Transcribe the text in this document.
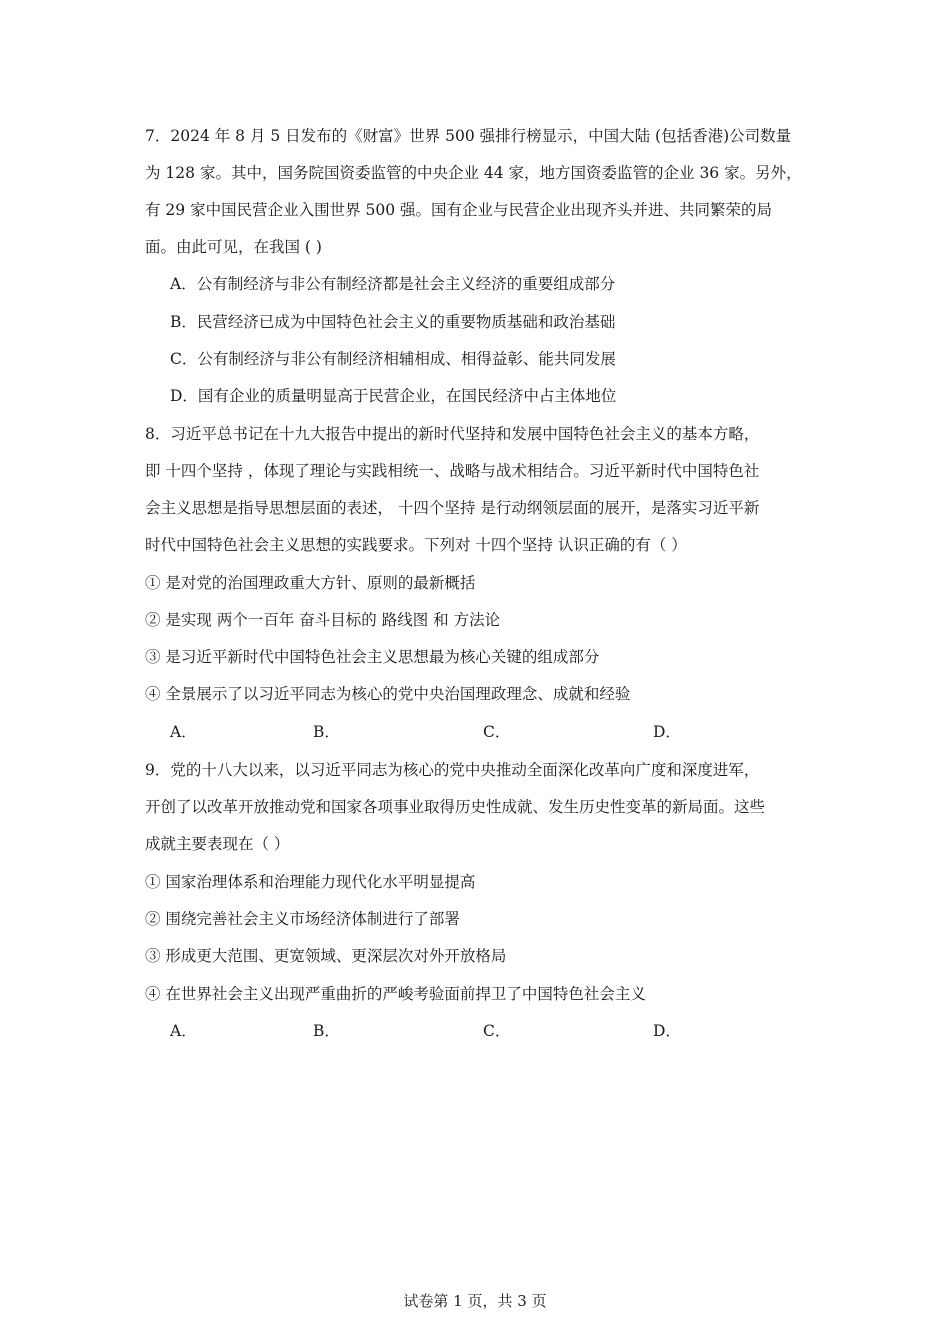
7．2024 年 8 月 5 日发布的《财富》世界 500 强排行榜显示，中国大陆 (包括香港)公司数量
为 128 家。其中，国务院国资委监管的中央企业 44 家，地方国资委监管的企业 36 家。另外，
有 29 家中国民营企业入围世界 500 强。国有企业与民营企业出现齐头并进、共同繁荣的局
面。由此可见，在我国 ( )
A．公有制经济与非公有制经济都是社会主义经济的重要组成部分
B．民营经济已成为中国特色社会主义的重要物质基础和政治基础
C．公有制经济与非公有制经济相辅相成、相得益彰、能共同发展
D．国有企业的质量明显高于民营企业，在国民经济中占主体地位
8．习近平总书记在十九大报告中提出的新时代坚持和发展中国特色社会主义的基本方略，
即 十四个坚持 ，体现了理论与实践相统一、战略与战术相结合。习近平新时代中国特色社
会主义思想是指导思想层面的表述， 十四个坚持 是行动纲领层面的展开，是落实习近平新
时代中国特色社会主义思想的实践要求。下列对 十四个坚持 认识正确的有（ ）
① 是对党的治国理政重大方针、原则的最新概括
② 是实现 两个一百年 奋斗目标的 路线图 和 方法论
③ 是习近平新时代中国特色社会主义思想最为核心关键的组成部分
④ 全景展示了以习近平同志为核心的党中央治国理政理念、成就和经验
A．	B．	C．	D．
9．党的十八大以来，以习近平同志为核心的党中央推动全面深化改革向广度和深度进军，
开创了以改革开放推动党和国家各项事业取得历史性成就、发生历史性变革的新局面。这些
成就主要表现在（ ）
① 国家治理体系和治理能力现代化水平明显提高
② 围绕完善社会主义市场经济体制进行了部署
③ 形成更大范围、更宽领域、更深层次对外开放格局
④ 在世界社会主义出现严重曲折的严峻考验面前捍卫了中国特色社会主义
A．	B．	C．	D．
试卷第 1 页，共 3 页
